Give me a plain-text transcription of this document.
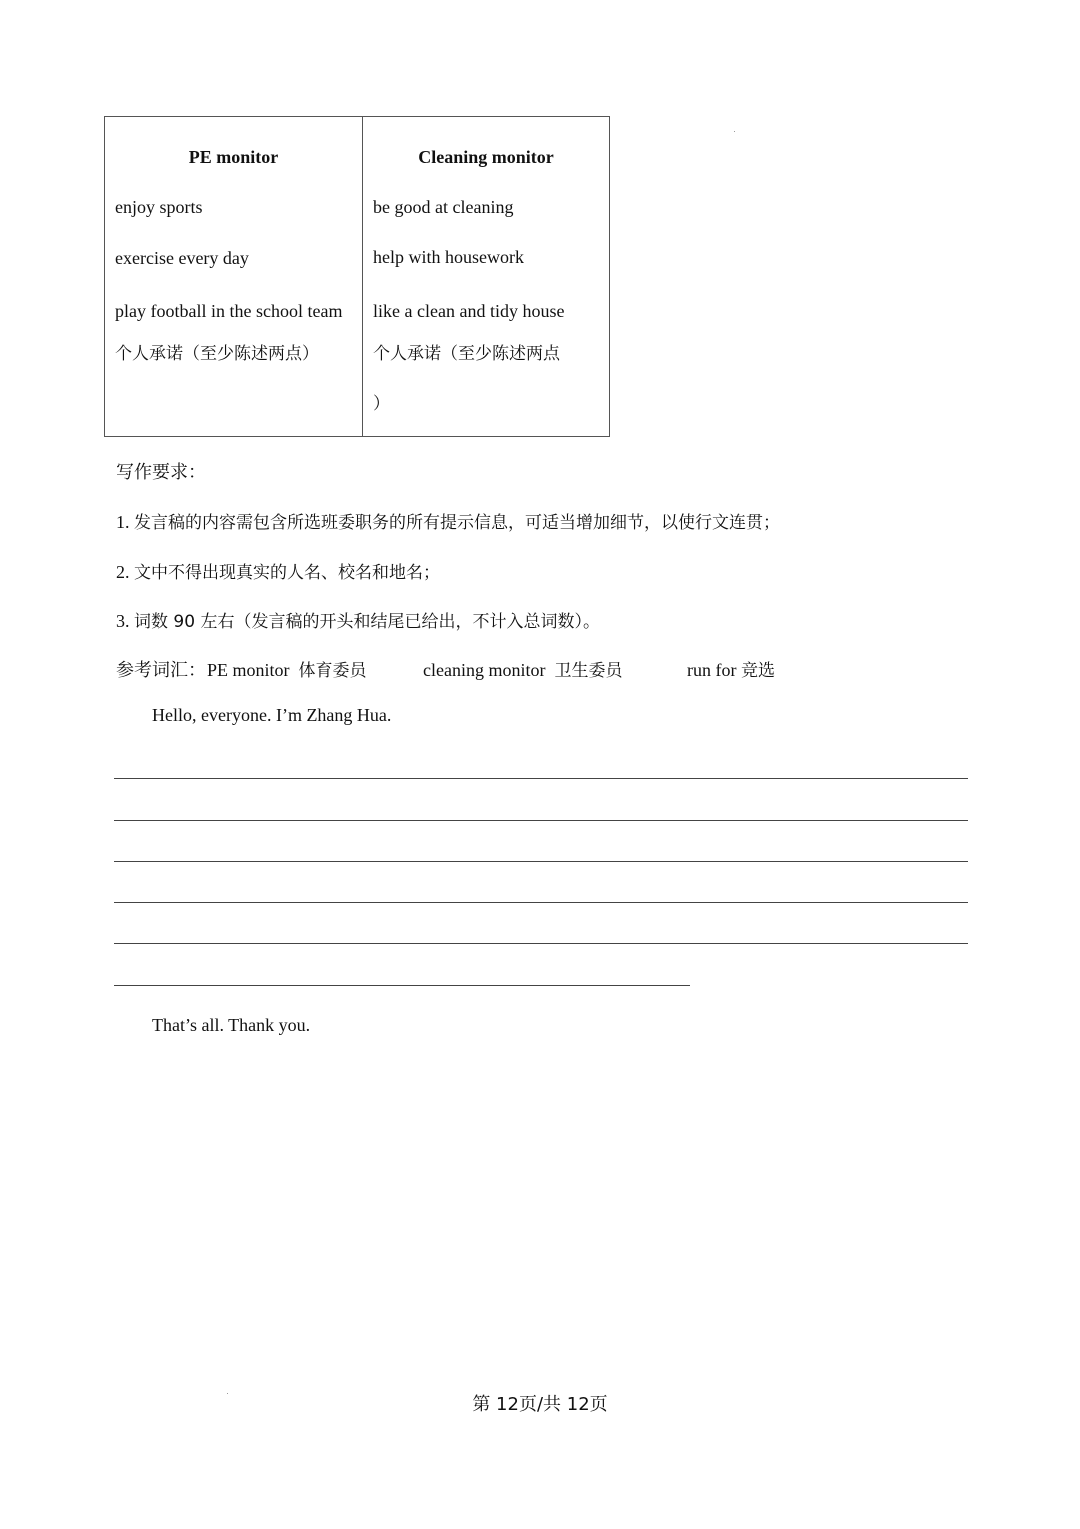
PE monitor
enjoy sports
exercise every day
play football in the school team
个人承诺（至少陈述两点）
Cleaning monitor
be good at cleaning
help with housework
like a clean and tidy house
个人承诺（至少陈述两点
）
写作要求：
1. 发言稿的内容需包含所选班委职务的所有提示信息，可适当增加细节，以使行文连贯；
2. 文中不得出现真实的人名、校名和地名；
3. 词数 90 左右（发言稿的开头和结尾已给出，不计入总词数）。
参考词汇： PE monitor 体育委员	cleaning monitor 卫生委员	run for 竞选
Hello, everyone. I’m Zhang Hua.
That’s all. Thank you.
第 12页/共 12页
